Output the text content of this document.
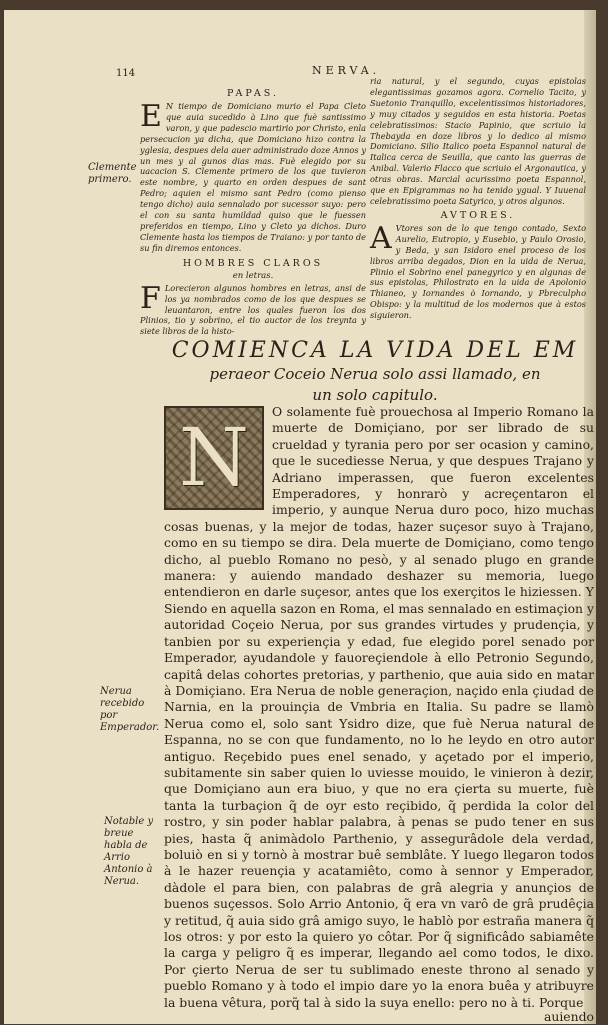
114	NERVA.
PAPAS.

E N tiempo de Domiciano murio el Papa Cleto que auia sucedido à Lino que fuè santissimo varon, y que padescio martirio por Christo, enla persecucion ya dicha, que Domiciano hizo contra la yglesia, despues dela auer administrado doze Annos y un mes y al gunos dias mas. Fuè elegido por su uacacion S. Clemente primero de los que tuvieron este nombre, y quarto en orden despues de sant Pedro; aquien el mismo sant Pedro (como pienso tengo dicho) auia sennalado por sucessor suyo: pero el con su santa humildad quiso que le fuessen preferidos en tiempo, Lino y Cleto ya dichos. Duro Clemente hasta los tiempos de Traiano: y por tanto de su fin diremos entonces.

HOMBRES CLAROS
en letras.

F Lorecieron algunos hombres en letras, ansi de los ya nombrados como de los que despues se leuantaron, entre los quales fueron los dos Plinios, tio y sobrino, el tio auctor de los treynta y siete libros de la histo-

ria natural, y el segundo, cuyas epistolas elegantissimas gozamos agora. Cornelio Tacito, y Suetonio Tranquillo, excelentissimos historiadores, y muy citados y seguidos en esta historia. Poetas celebratissimos: Stacio Papinio, que scriuio la Thebayda en doze libros y lo dedico al mismo Domiciano. Silio Italico poeta Espannol natural de Italica cerca de Seuilla, que canto las guerras de Anibal. Valerio Flacco que scriuio el Argonautica, y otras obras. Marcial acurissimo poeta Espannol, que en Epigrammas no ha tenido ygual. Y Iuuenal celebratissimo poeta Satyrico, y otros algunos.

AVTORES.

A Vtores son de lo que tengo contado, Sexto Aurelio, Eutropio, y Eusebio, y Paulo Orosio, y Beda, y san Isidoro enel proceso de los libros arriba degados, Dion en la uida de Nerua, Plinio el Sobrino enel panegyrico y en algunas de sus epistolas, Philostrato en la uida de Apolonio Thianeo, y Iornandes ò Iornando, y Pbreculpho Obispo: y la multitud de los modernos que à estos siguieron.

Clemente primero.
Nerua recebido por Emperador.
Notable y breue habla de Arrio Antonio à Nerua.
COMIENCA LA VIDA DEL EM
peraeor Coceio Nerua solo assi llamado, en
un solo capitulo.
N O solamente fuè prouechosa al Imperio Romano la muerte de Domiçiano, por ser librado de su crueldad y tyrania pero por ser ocasion y camino, que le sucediesse Nerua, y que despues Trajano y Adriano imperassen, que fueron excelentes Emperadores, y honrarò y acreçentaron el imperio, y aunque Nerua duro poco, hizo muchas cosas buenas, y la mejor de todas, hazer suçesor suyo à Trajano, como en su tiempo se dira. Dela muerte de Domiçiano, como tengo dicho, al pueblo Romano no pesò, y al senado plugo en grande manera: y auiendo mandado deshazer su memoria, luego entendieron en darle suçesor, antes que los exerçitos le hiziessen. Y Siendo en aquella sazon en Roma, el mas sennalado en estimaçion y autoridad Coçeio Nerua, por sus grandes virtudes y prudençia, y tanbien por su experiençia y edad, fue elegido porel senado por Emperador, ayudandole y fauoreçiendole à ello Petronio Segundo, capitâ delas cohortes pretorias, y parthenio, que auia sido en matar à Domiçiano. Era Nerua de noble generaçion, naçido enla çiudad de Narnia, en la prouinçia de Vmbria en Italia. Su padre se llamò Nerua como el, solo sant Ysidro dize, que fuè Nerua natural de Espanna, no se con que fundamento, no lo he leydo en otro autor antiguo. Reçebido pues enel senado, y açetado por el imperio, subitamente sin saber quien lo uviesse mouido, le vinieron à dezir, que Domiçiano aun era biuo, y que no era çierta su muerte, fuè tanta la turbaçion q̃ de oyr esto reçibido, q̃ perdida la color del rostro, y sin poder hablar palabra, à penas se pudo tener en sus pies, hasta q̃ animàdolo Parthenio, y assegurâdole dela verdad, boluiò en si y tornò à mostrar buê semblâte. Y luego llegaron todos à le hazer reuençia y acatamiêto, como à sennor y Emperador, dàdole el para bien, con palabras de grâ alegria y anunçios de buenos suçessos. Solo Arrio Antonio, q̃ era vn varô de grâ prudêçia y retitud, q̃ auia sido grâ amigo suyo, le hablò por estraña manera q̃ los otros: y por esto la quiero yo côtar. Por q̃ significâdo sabiamête la carga y peligro q̃ es imperar, llegando ael como todos, le dixo. Por çierto Nerua de ser tu sublimado eneste throno al senado y pueblo Romano y à todo el impio dare yo la enora buêa y atribuyre la buena vêtura, porq̃ tal à sido la suya enello: pero no à ti. Porque
auiendo
